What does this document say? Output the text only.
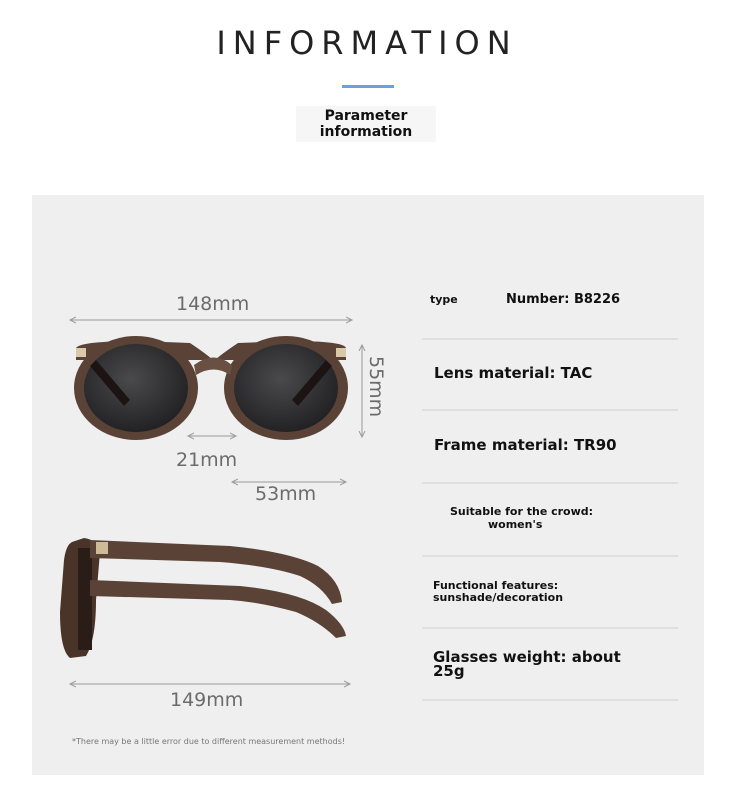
INFORMATION
Parameter
information
148mm
55mm
21mm
53mm
149mm
type	Number: B8226
Lens material: TAC
Frame material: TR90
Suitable for the crowd:
women's
Functional features:
sunshade/decoration
Glasses weight: about
25g
*There may be a little error due to different measurement methods!
